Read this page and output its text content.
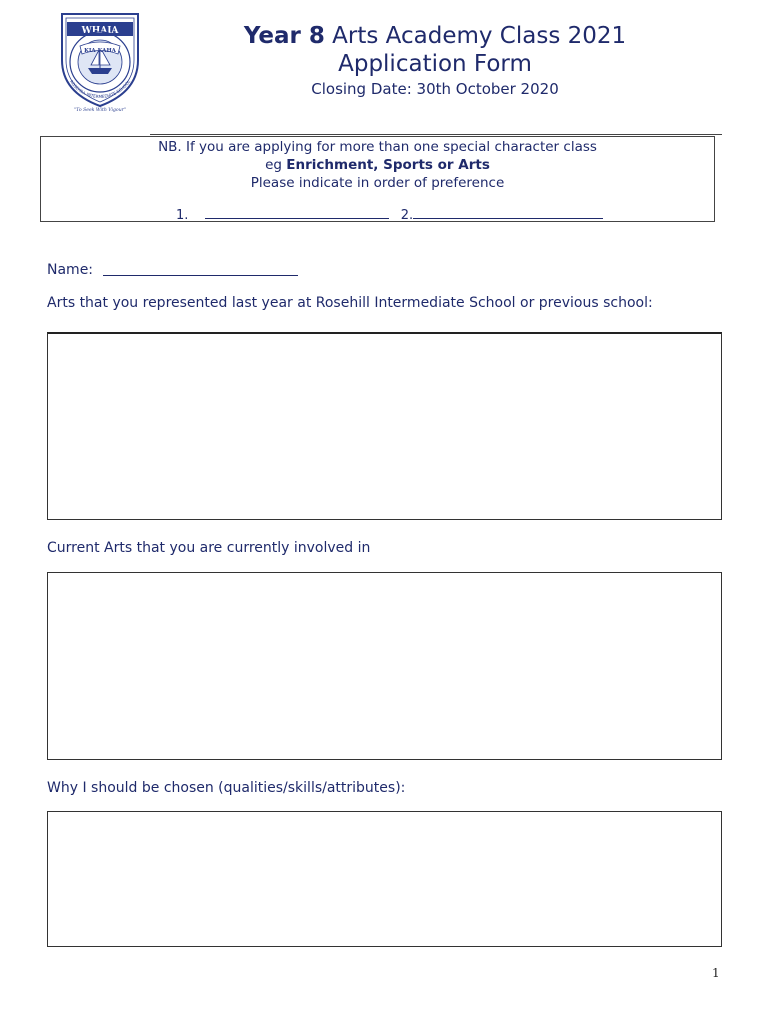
WHAIA
KIA KAHA
ROSEHILL INTERMEDIATE SCHOOL
"To Seek With Vigour"
Year 8 Arts Academy Class 2021
Application Form
Closing Date: 30th October 2020
NB. If you are applying for more than one special character class
eg Enrichment, Sports or Arts
Please indicate in order of preference
1.	2.
Name:
Arts that you represented last year at Rosehill Intermediate School or previous school:
Current Arts that you are currently involved in
Why I should be chosen (qualities/skills/attributes):
1
